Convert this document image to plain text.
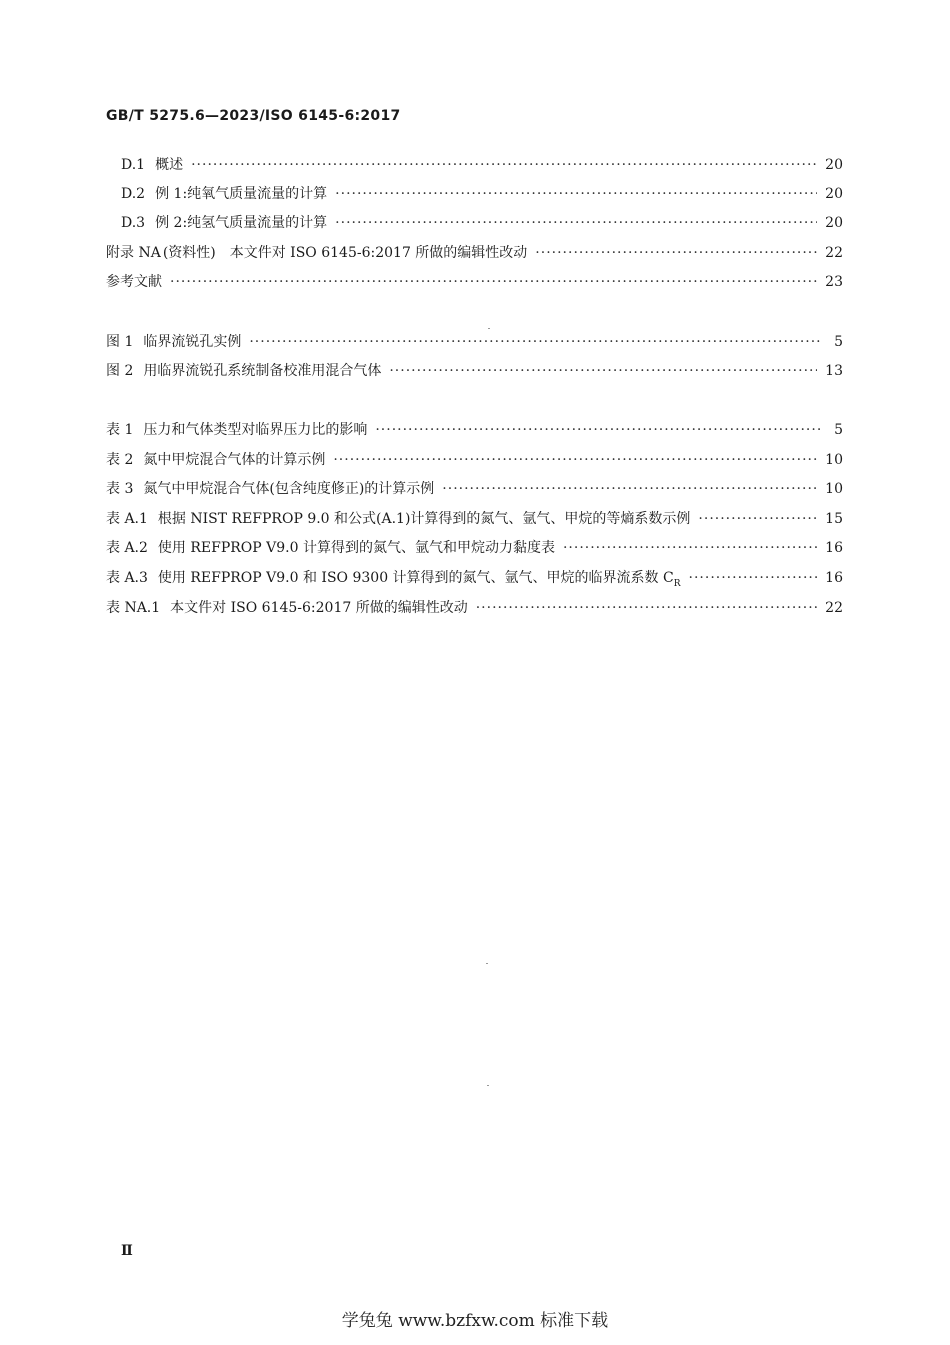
GB/T 5275.6—2023/ISO 6145-6:2017
D.1 概述 ·····	20
D.2 例 1:纯氧气质量流量的计算 ·····	20
D.3 例 2:纯氢气质量流量的计算 ·····	20
附录 NA (资料性)　本文件对 ISO 6145-6:2017 所做的编辑性改动 ·····	22
参考文献 ·····	23
图 1 临界流锐孔实例 ·····	5
图 2 用临界流锐孔系统制备校准用混合气体 ·····	13
表 1 压力和气体类型对临界压力比的影响 ·····	5
表 2 氮中甲烷混合气体的计算示例 ·····	10
表 3 氮气中甲烷混合气体(包含纯度修正)的计算示例 ·····	10
表 A.1 根据 NIST REFPROP 9.0 和公式(A.1)计算得到的氮气、氩气、甲烷的等熵系数示例 ·····	15
表 A.2 使用 REFPROP V9.0 计算得到的氮气、氩气和甲烷动力黏度表 ·····	16
表 A.3 使用 REFPROP V9.0 和 ISO 9300 计算得到的氮气、氩气、甲烷的临界流系数 $C_R$ ·····	16
表 NA.1 本文件对 ISO 6145-6:2017 所做的编辑性改动 ·····	22
Ⅱ
学兔兔 www.bzfxw.com 标准下载
